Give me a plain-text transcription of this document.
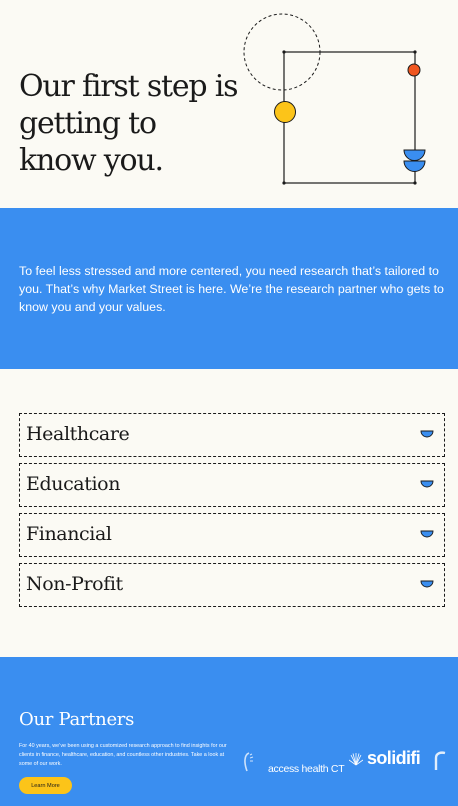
Our first step is getting to know you.

To feel less stressed and more centered, you need research that’s tailored to you. That’s why Market Street is here. We’re the research partner who gets to know you and your values.

Healthcare
Education
Financial
Non-Profit
Our Partners

For 40 years, we’ve been using a customized research approach to find insights for our clients in finance, healthcare, education, and countless other industries. Take a look at some of our work.

Learn More
access health CT
solidifi
